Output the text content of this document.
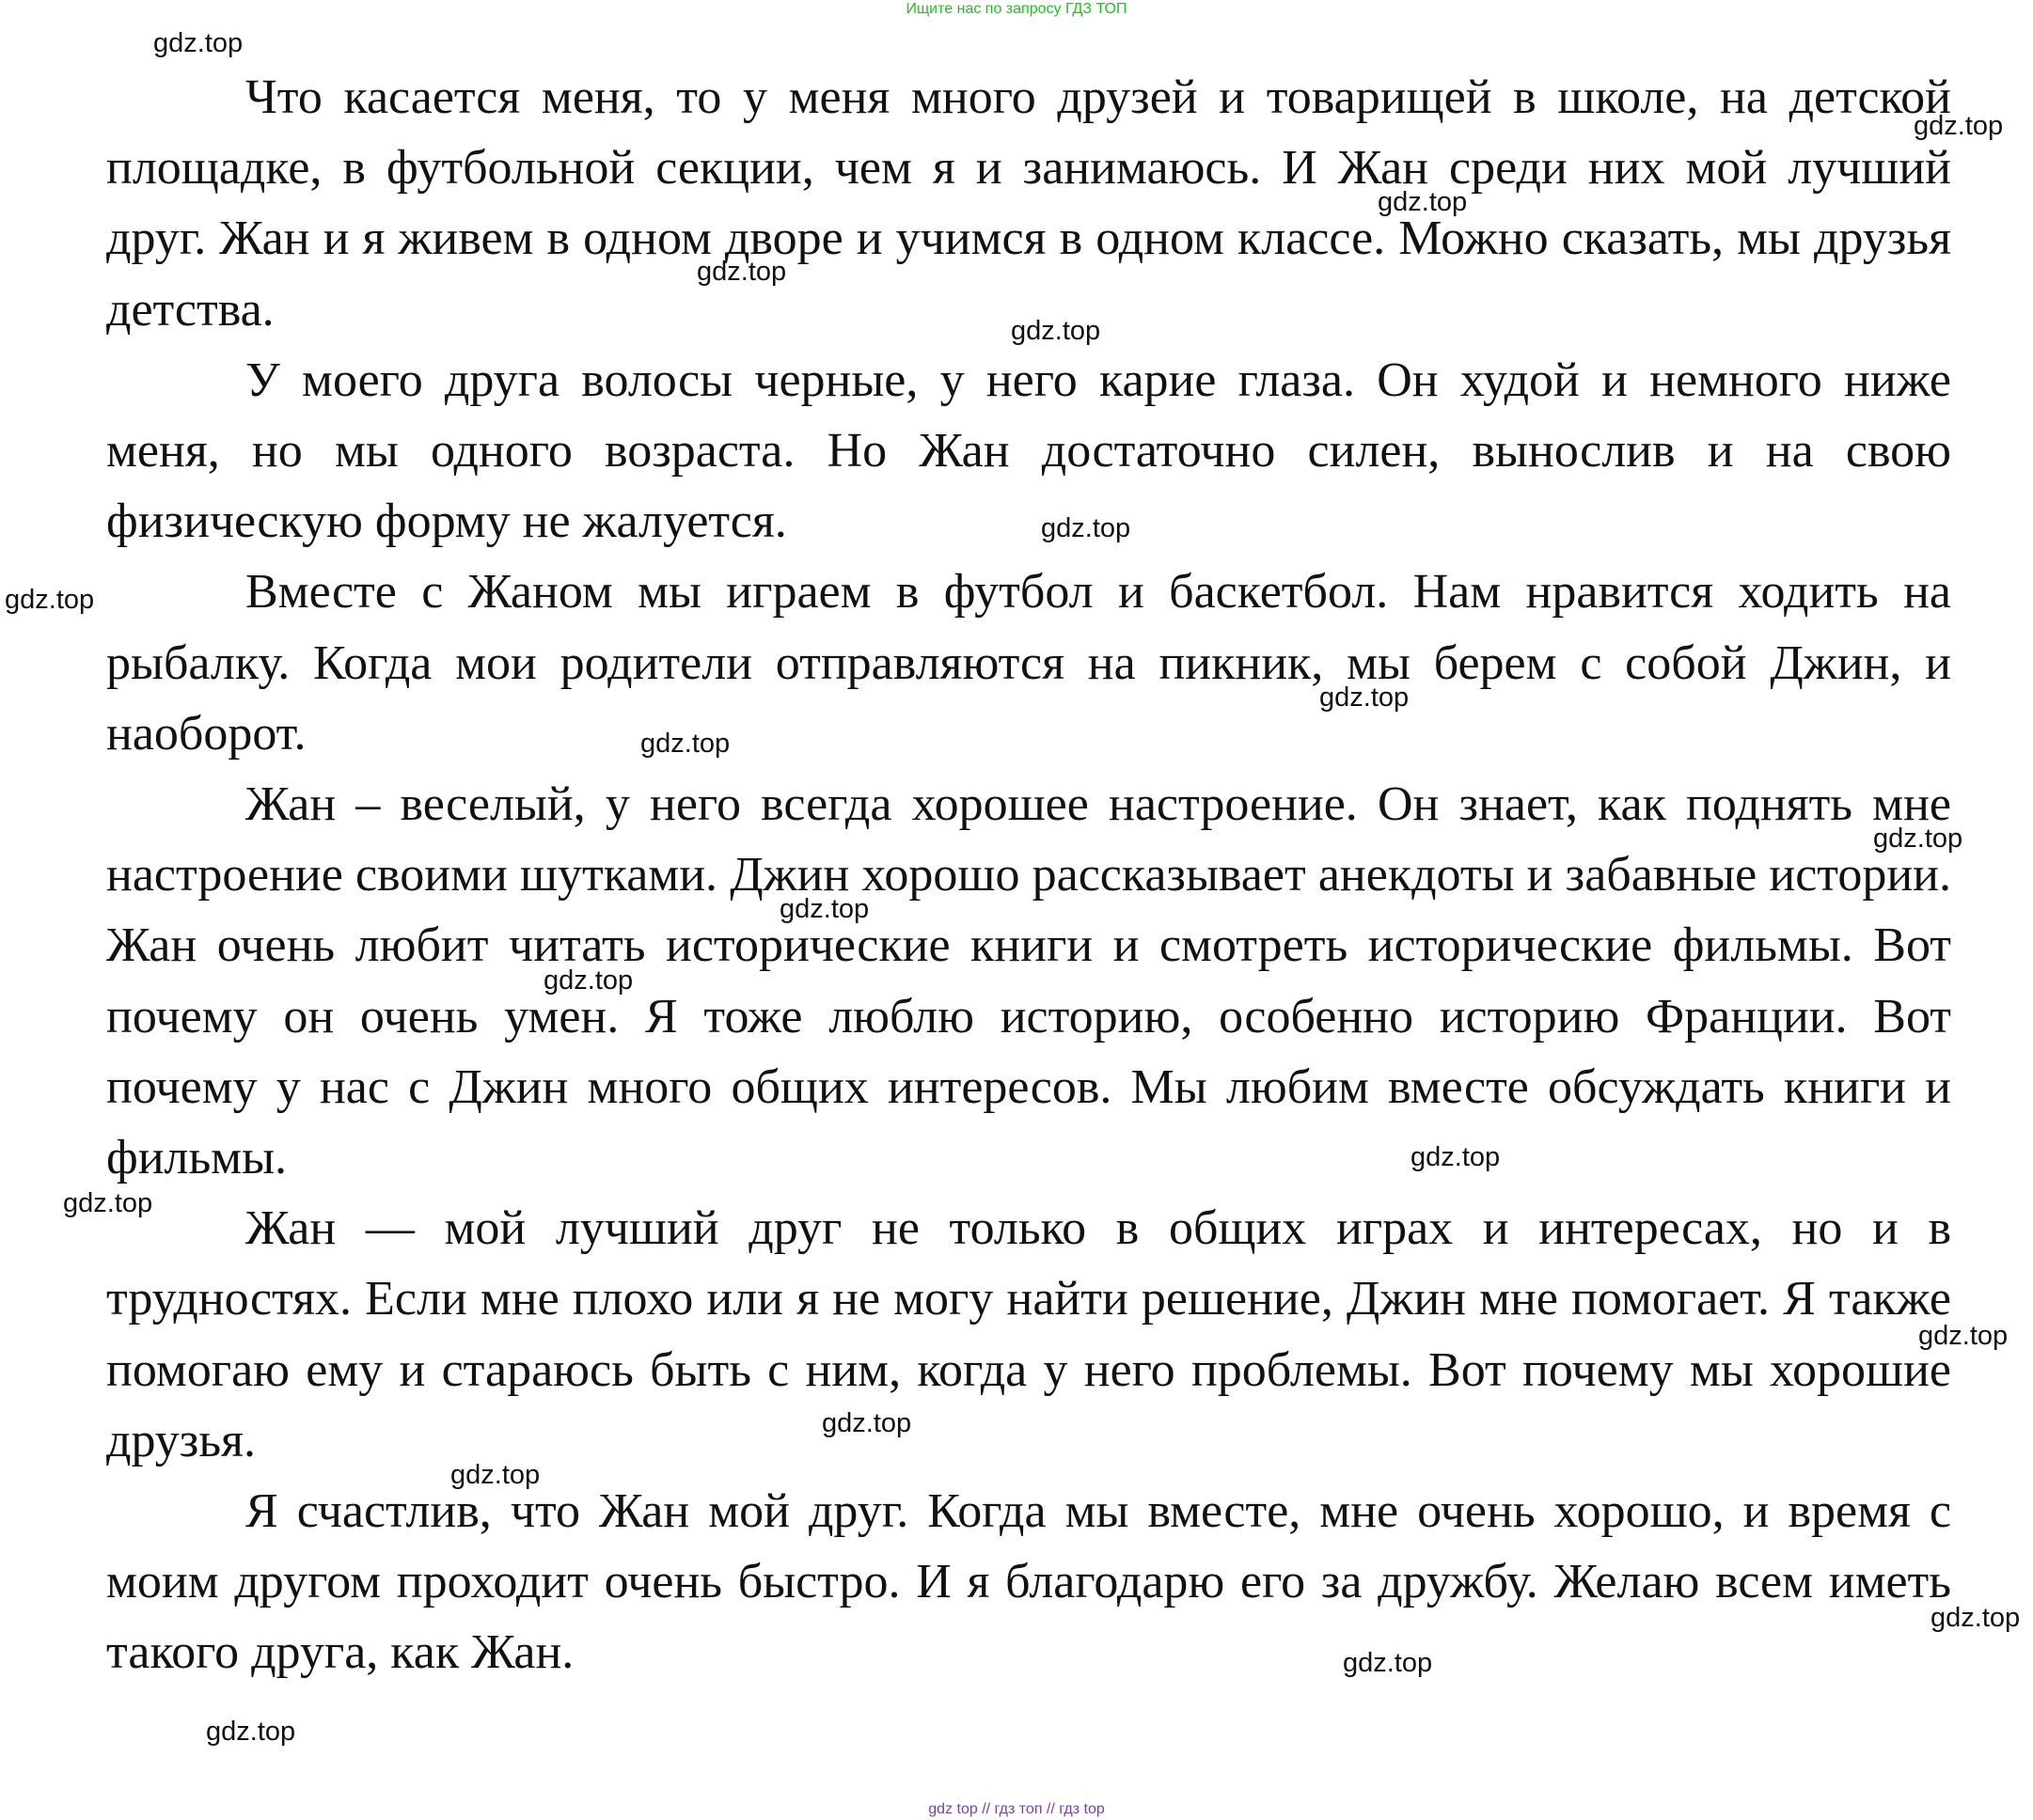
Ищите нас по запросу ГДЗ ТОП

Что касается меня, то у меня много друзей и товарищей в школе, на детской площадке, в футбольной секции, чем я и занимаюсь. И Жан среди них мой лучший друг. Жан и я живем в одном дворе и учимся в одном классе. Можно сказать, мы друзья детства.

У моего друга волосы черные, у него карие глаза. Он худой и немного ниже меня, но мы одного возраста. Но Жан достаточно силен, вынослив и на свою физическую форму не жалуется.

Вместе с Жаном мы играем в футбол и баскетбол. Нам нравится ходить на рыбалку. Когда мои родители отправляются на пикник, мы берем с собой Джин, и наоборот.

Жан – веселый, у него всегда хорошее настроение. Он знает, как поднять мне настроение своими шутками. Джин хорошо рассказывает анекдоты и забавные истории. Жан очень любит читать исторические книги и смотреть исторические фильмы. Вот почему он очень умен. Я тоже люблю историю, особенно историю Франции. Вот почему у нас с Джин много общих интересов. Мы любим вместе обсуждать книги и фильмы.

Жан — мой лучший друг не только в общих играх и интересах, но и в трудностях. Если мне плохо или я не могу найти решение, Джин мне помогает. Я также помогаю ему и стараюсь быть с ним, когда у него проблемы. Вот почему мы хорошие друзья.

Я счастлив, что Жан мой друг. Когда мы вместе, мне очень хорошо, и время с моим другом проходит очень быстро. И я благодарю его за дружбу. Желаю всем иметь такого друга, как Жан.

gdz.top
gdz.top
gdz.top
gdz.top
gdz.top
gdz.top
gdz.top
gdz.top
gdz.top
gdz.top
gdz.top
gdz.top
gdz.top
gdz.top
gdz.top
gdz.top
gdz.top
gdz.top
gdz.top
gdz.top
gdz top // гдз топ // гдз top
